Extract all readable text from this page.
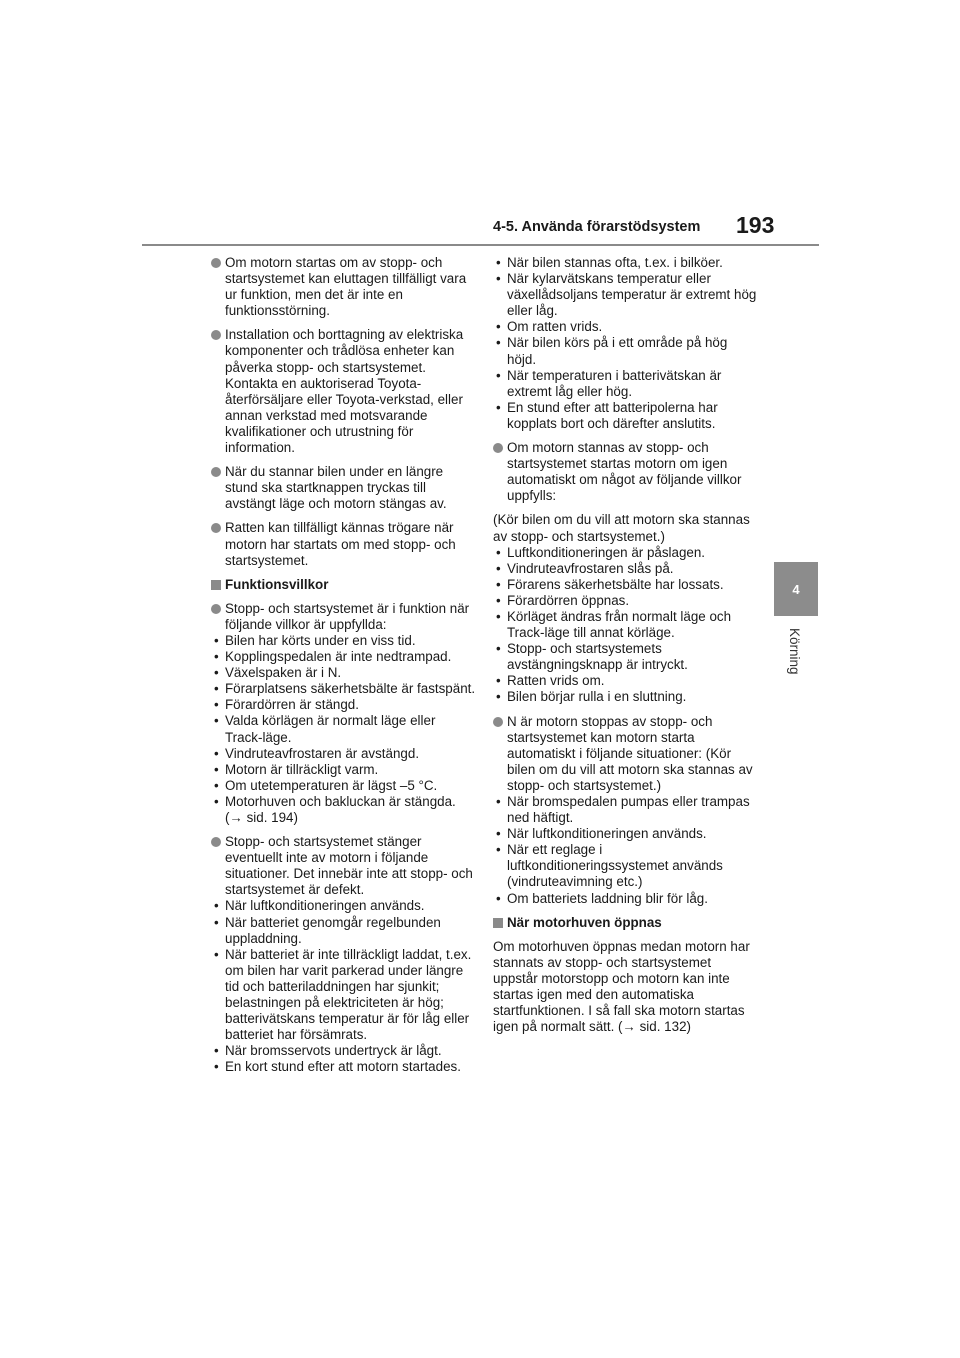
4-5. Använda förarstödsystem 193
4
Körning
Om motorn startas om av stopp- och startsystemet kan eluttagen tillfälligt vara ur funktion, men det är inte en funktionsstörning.
Installation och borttagning av elektriska komponenter och trådlösa enheter kan påverka stopp- och startsystemet. Kontakta en auktoriserad Toyota-återförsäljare eller Toyota-verkstad, eller annan verkstad med motsvarande kvalifikationer och utrustning för information.
När du stannar bilen under en längre stund ska startknappen tryckas till avstängt läge och motorn stängas av.
Ratten kan tillfälligt kännas trögare när motorn har startats om med stopp- och startsystemet.
Funktionsvillkor
Stopp- och startsystemet är i funktion när följande villkor är uppfyllda:
• Bilen har körts under en viss tid.
• Kopplingspedalen är inte nedtrampad.
• Växelspaken är i N.
• Förarplatsens säkerhetsbälte är fastspänt.
• Förardörren är stängd.
• Valda körlägen är normalt läge eller Track-läge.
• Vindruteavfrostaren är avstängd.
• Motorn är tillräckligt varm.
• Om utetemperaturen är lägst –5 °C.
• Motorhuven och bakluckan är stängda. (→ sid. 194)
Stopp- och startsystemet stänger eventuellt inte av motorn i följande situationer. Det innebär inte att stopp- och startsystemet är defekt.
• När luftkonditioneringen används.
• När batteriet genomgår regelbunden uppladdning.
• När batteriet är inte tillräckligt laddat, t.ex. om bilen har varit parkerad under längre tid och batteriladdningen har sjunkit; belastningen på elektriciteten är hög; batterivätskans temperatur är för låg eller batteriet har försämrats.
• När bromsservots undertryck är lågt.
• En kort stund efter att motorn startades.
• När bilen stannas ofta, t.ex. i bilköer.
• När kylarvätskans temperatur eller växellådsoljans temperatur är extremt hög eller låg.
• Om ratten vrids.
• När bilen körs på i ett område på hög höjd.
• När temperaturen i batterivätskan är extremt låg eller hög.
• En stund efter att batteripolerna har kopplats bort och därefter anslutits.
Om motorn stannas av stopp- och startsystemet startas motorn om igen automatiskt om något av följande villkor uppfylls:
(Kör bilen om du vill att motorn ska stannas av stopp- och startsystemet.)
• Luftkonditioneringen är påslagen.
• Vindruteavfrostaren slås på.
• Förarens säkerhetsbälte har lossats.
• Förardörren öppnas.
• Körläget ändras från normalt läge och Track-läge till annat körläge.
• Stopp- och startsystemets avstängningsknapp är intryckt.
• Ratten vrids om.
• Bilen börjar rulla i en sluttning.
N är motorn stoppas av stopp- och startsystemet kan motorn starta automatiskt i följande situationer: (Kör bilen om du vill att motorn ska stannas av stopp- och startsystemet.)
• När bromspedalen pumpas eller trampas ned häftigt.
• När luftkonditioneringen används.
• När ett reglage i luftkonditioneringssystemet används (vindruteavimning etc.)
• Om batteriets laddning blir för låg.
När motorhuven öppnas
Om motorhuven öppnas medan motorn har stannats av stopp- och startsystemet uppstår motorstopp och motorn kan inte startas igen med den automatiska startfunktionen. I så fall ska motorn startas igen på normalt sätt. (→ sid. 132)
